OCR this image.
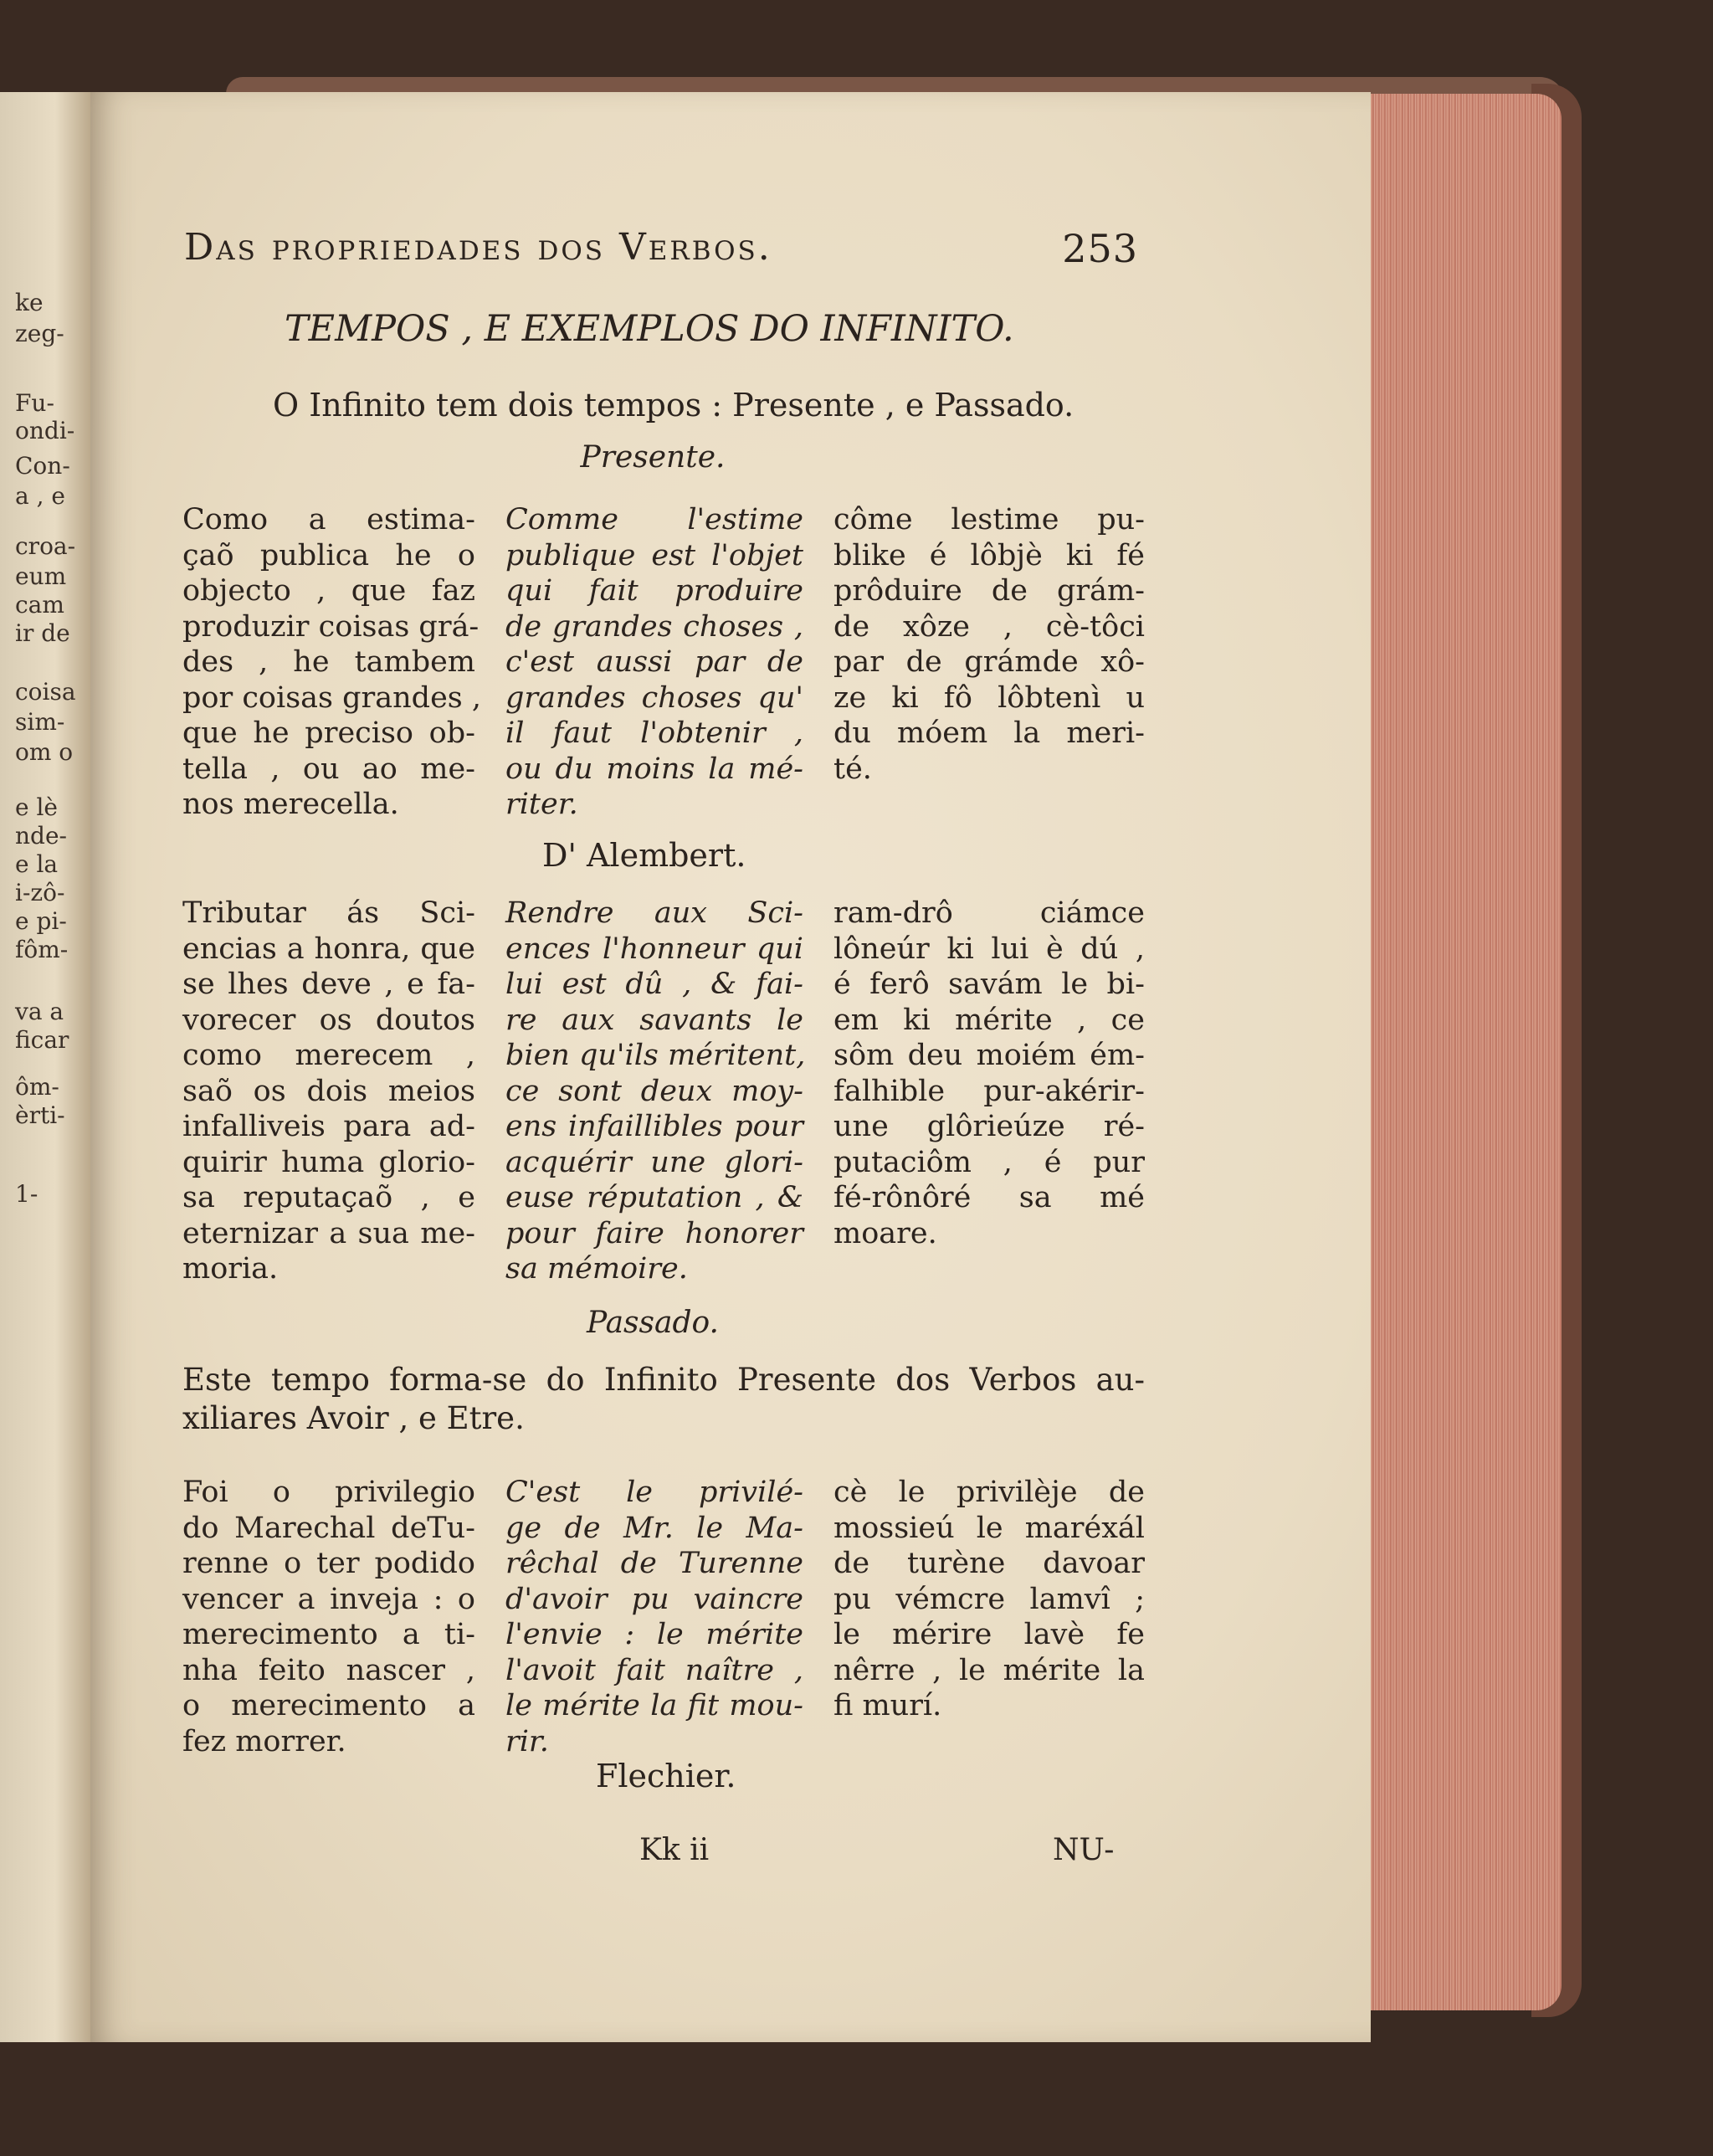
ke
zeg-
Fu-
ondi-
Con-
a , e
croa-
eum
cam
ir de
coisa
sim-
om o
e lè
nde-
e la
i-zô-
e pi-
fôm-
va a
ficar
ôm-
èrti-
1-
Das propriedades dos Verbos.	253
TEMPOS , E EXEMPLOS DO INFINITO.
O Infinito tem dois tempos : Presente , e Passado.
Presente.
Como a estima-
çaõ publica he o
objecto , que faz
produzir coisas grá-
des , he tambem
por coisas grandes ,
que he preciso ob-
tella , ou ao me-
nos merecella.
Comme l'estime
publique est l'objet
qui fait produire
de grandes choses ,
c'est aussi par de
grandes choses qu'
il faut l'obtenir ,
ou du moins la mé-
riter.
côme lestime pu-
blike é lôbjè ki fé
prôduire de grám-
de xôze , cè-tôci
par de grámde xô-
ze ki fô lôbtenì u
du móem la meri-
té.
D' Alembert.
Tributar ás Sci-
encias a honra, que
se lhes deve , e fa-
vorecer os doutos
como merecem ,
saõ os dois meios
infalliveis para ad-
quirir huma glorio-
sa reputaçaõ , e
eternizar a sua me-
moria.
Rendre aux Sci-
ences l'honneur qui
lui est dû , & fai-
re aux savants le
bien qu'ils méritent,
ce sont deux moy-
ens infaillibles pour
acquérir une glori-
euse réputation , &
pour faire honorer
sa mémoire.
ram-drô ciámce
lôneúr ki lui è dú ,
é ferô savám le bi-
em ki mérite , ce
sôm deu moiém ém-
falhible pur-akérir-
une glôrieúze ré-
putaciôm , é pur
fé-rônôré sa mé
moare.
Passado.
Este tempo forma-se do Infinito Presente dos Verbos au-
xiliares Avoir , e Etre.
Foi o privilegio
do Marechal deTu-
renne o ter podido
vencer a inveja : o
merecimento a ti-
nha feito nascer ,
o merecimento a
fez morrer.
C'est le privilé-
ge de Mr. le Ma-
rêchal de Turenne
d'avoir pu vaincre
l'envie : le mérite
l'avoit fait naître ,
le mérite la fit mou-
rir.
cè le privilèje de
mossieú le maréxál
de turène davoar
pu vémcre lamvî ;
le mérire lavè fe
nêrre , le mérite la
fi murí.
Flechier.
Kk ii	NU-
